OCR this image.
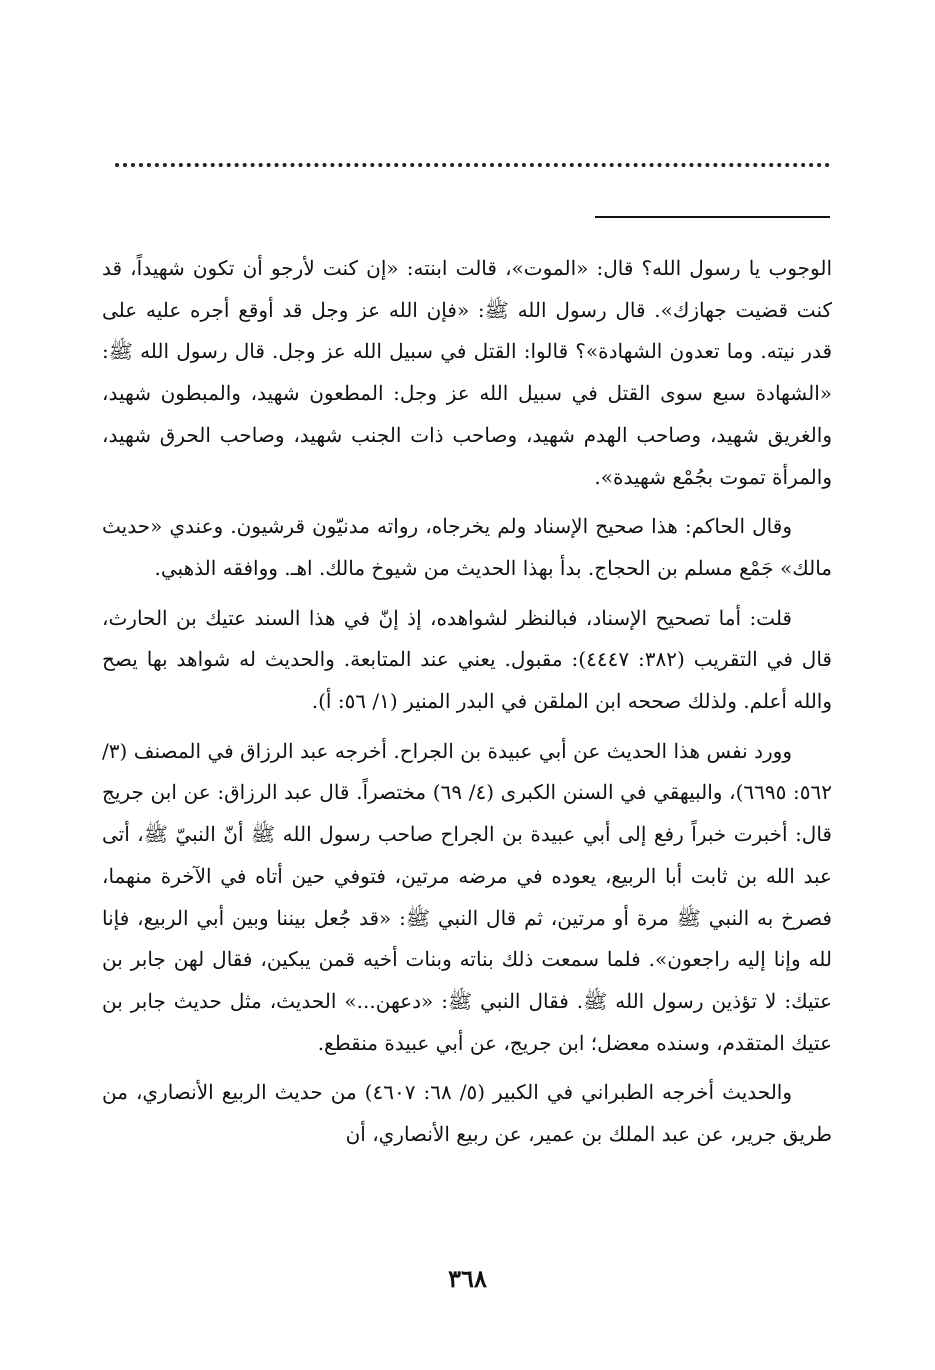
الوجوب يا رسول الله؟ قال: «الموت»، قالت ابنته: «إن كنت لأرجو أن تكون شهيداً، قد كنت قضيت جهازك». قال رسول الله ﷺ: «فإن الله عز وجل قد أوقع أجره عليه على قدر نيته. وما تعدون الشهادة»؟ قالوا: القتل في سبيل الله عز وجل. قال رسول الله ﷺ: «الشهادة سبع سوى القتل في سبيل الله عز وجل: المطعون شهيد، والمبطون شهيد، والغريق شهيد، وصاحب الهدم شهيد، وصاحب ذات الجنب شهيد، وصاحب الحرق شهيد، والمرأة تموت بجُمْع شهيدة».

وقال الحاكم: هذا صحيح الإسناد ولم يخرجاه، رواته مدنيّون قرشيون. وعندي «حديث مالك» جَمْع مسلم بن الحجاج. بدأ بهذا الحديث من شيوخ مالك. اهـ. ووافقه الذهبي.

قلت: أما تصحيح الإسناد، فبالنظر لشواهده، إذ إنّ في هذا السند عتيك بن الحارث، قال في التقريب (٣٨٢: ٤٤٤٧): مقبول. يعني عند المتابعة. والحديث له شواهد بها يصح والله أعلم. ولذلك صححه ابن الملقن في البدر المنير (١/ ٥٦: أ).

وورد نفس هذا الحديث عن أبي عبيدة بن الجراح. أخرجه عبد الرزاق في المصنف (٣/ ٥٦٢: ٦٦٩٥)، والبيهقي في السنن الكبرى (٤/ ٦٩) مختصراً. قال عبد الرزاق: عن ابن جريج قال: أخبرت خبراً رفع إلى أبي عبيدة بن الجراح صاحب رسول الله ﷺ أنّ النبيّ ﷺ، أتى عبد الله بن ثابت أبا الربيع، يعوده في مرضه مرتين، فتوفي حين أتاه في الآخرة منهما، فصرخ به النبي ﷺ مرة أو مرتين، ثم قال النبي ﷺ: «قد جُعل بيننا وبين أبي الربيع، فإنا لله وإنا إليه راجعون». فلما سمعت ذلك بناته وبنات أخيه قمن يبكين، فقال لهن جابر بن عتيك: لا تؤذين رسول الله ﷺ. فقال النبي ﷺ: «دعهن...» الحديث، مثل حديث جابر بن عتيك المتقدم، وسنده معضل؛ ابن جريج، عن أبي عبيدة منقطع.

والحديث أخرجه الطبراني في الكبير (٥/ ٦٨: ٤٦٠٧) من حديث الربيع الأنصاري، من طريق جرير، عن عبد الملك بن عمير، عن ربيع الأنصاري، أن

٣٦٨
